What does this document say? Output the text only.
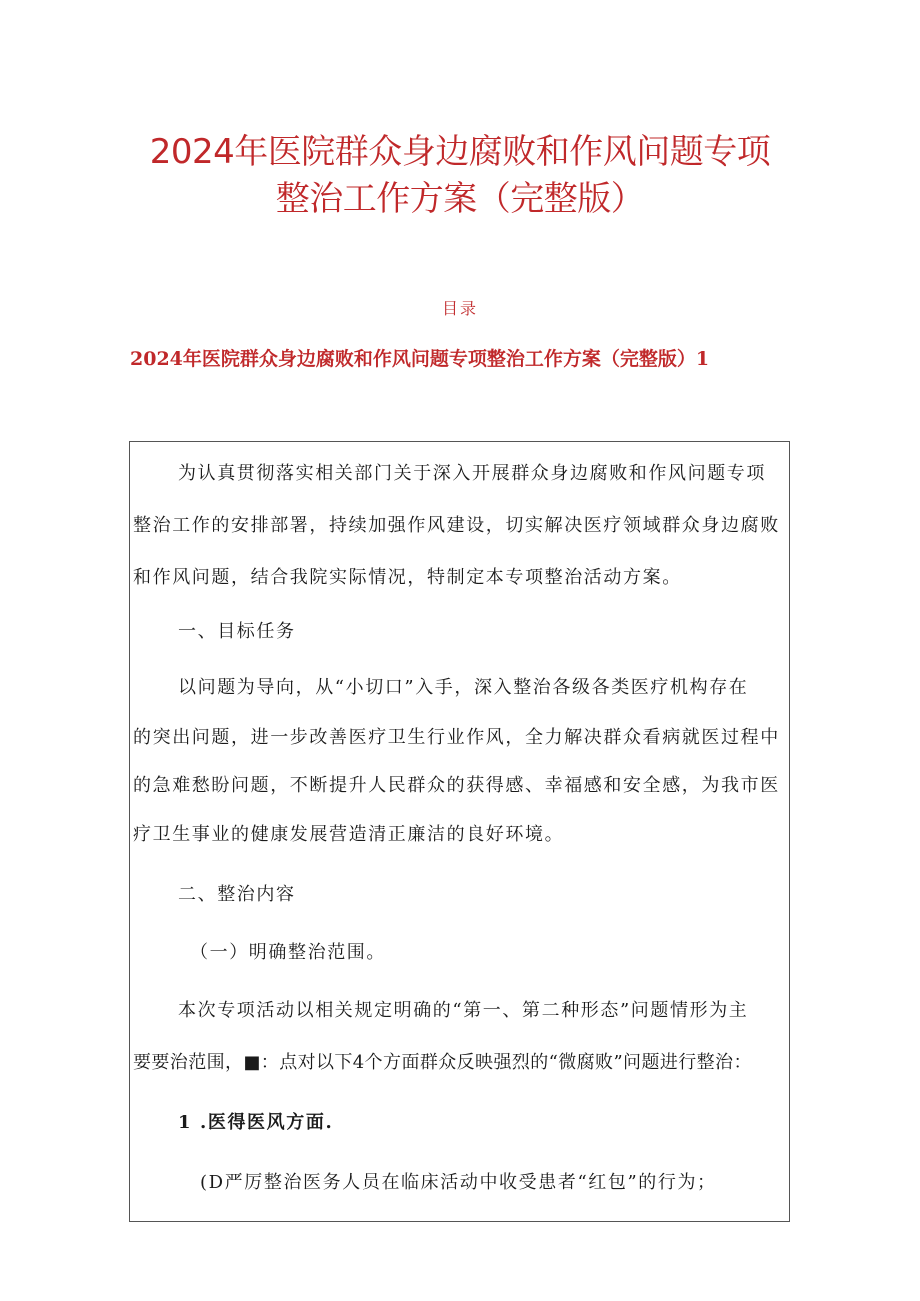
2024年医院群众身边腐败和作风问题专项
整治工作方案（完整版）
目录
2024年医院群众身边腐败和作风问题专项整治工作方案（完整版）1
为认真贯彻落实相关部门关于深入开展群众身边腐败和作风问题专项
整治工作的安排部署，持续加强作风建设，切实解决医疗领域群众身边腐败
和作风问题，结合我院实际情况，特制定本专项整治活动方案。
一、目标任务
以问题为导向，从“小切口”入手，深入整治各级各类医疗机构存在
的突出问题，进一步改善医疗卫生行业作风，全力解决群众看病就医过程中
的急难愁盼问题，不断提升人民群众的获得感、幸福感和安全感，为我市医
疗卫生事业的健康发展营造清正廉洁的良好环境。
二、整治内容
（一）明确整治范围。
本次专项活动以相关规定明确的“第一、第二种形态”问题情形为主
要要治范围，■：点对以下4个方面群众反映强烈的“微腐败”问题进行整治：
1 .医得医风方面.
(D严厉整治医务人员在临床活动中收受患者“红包”的行为；
